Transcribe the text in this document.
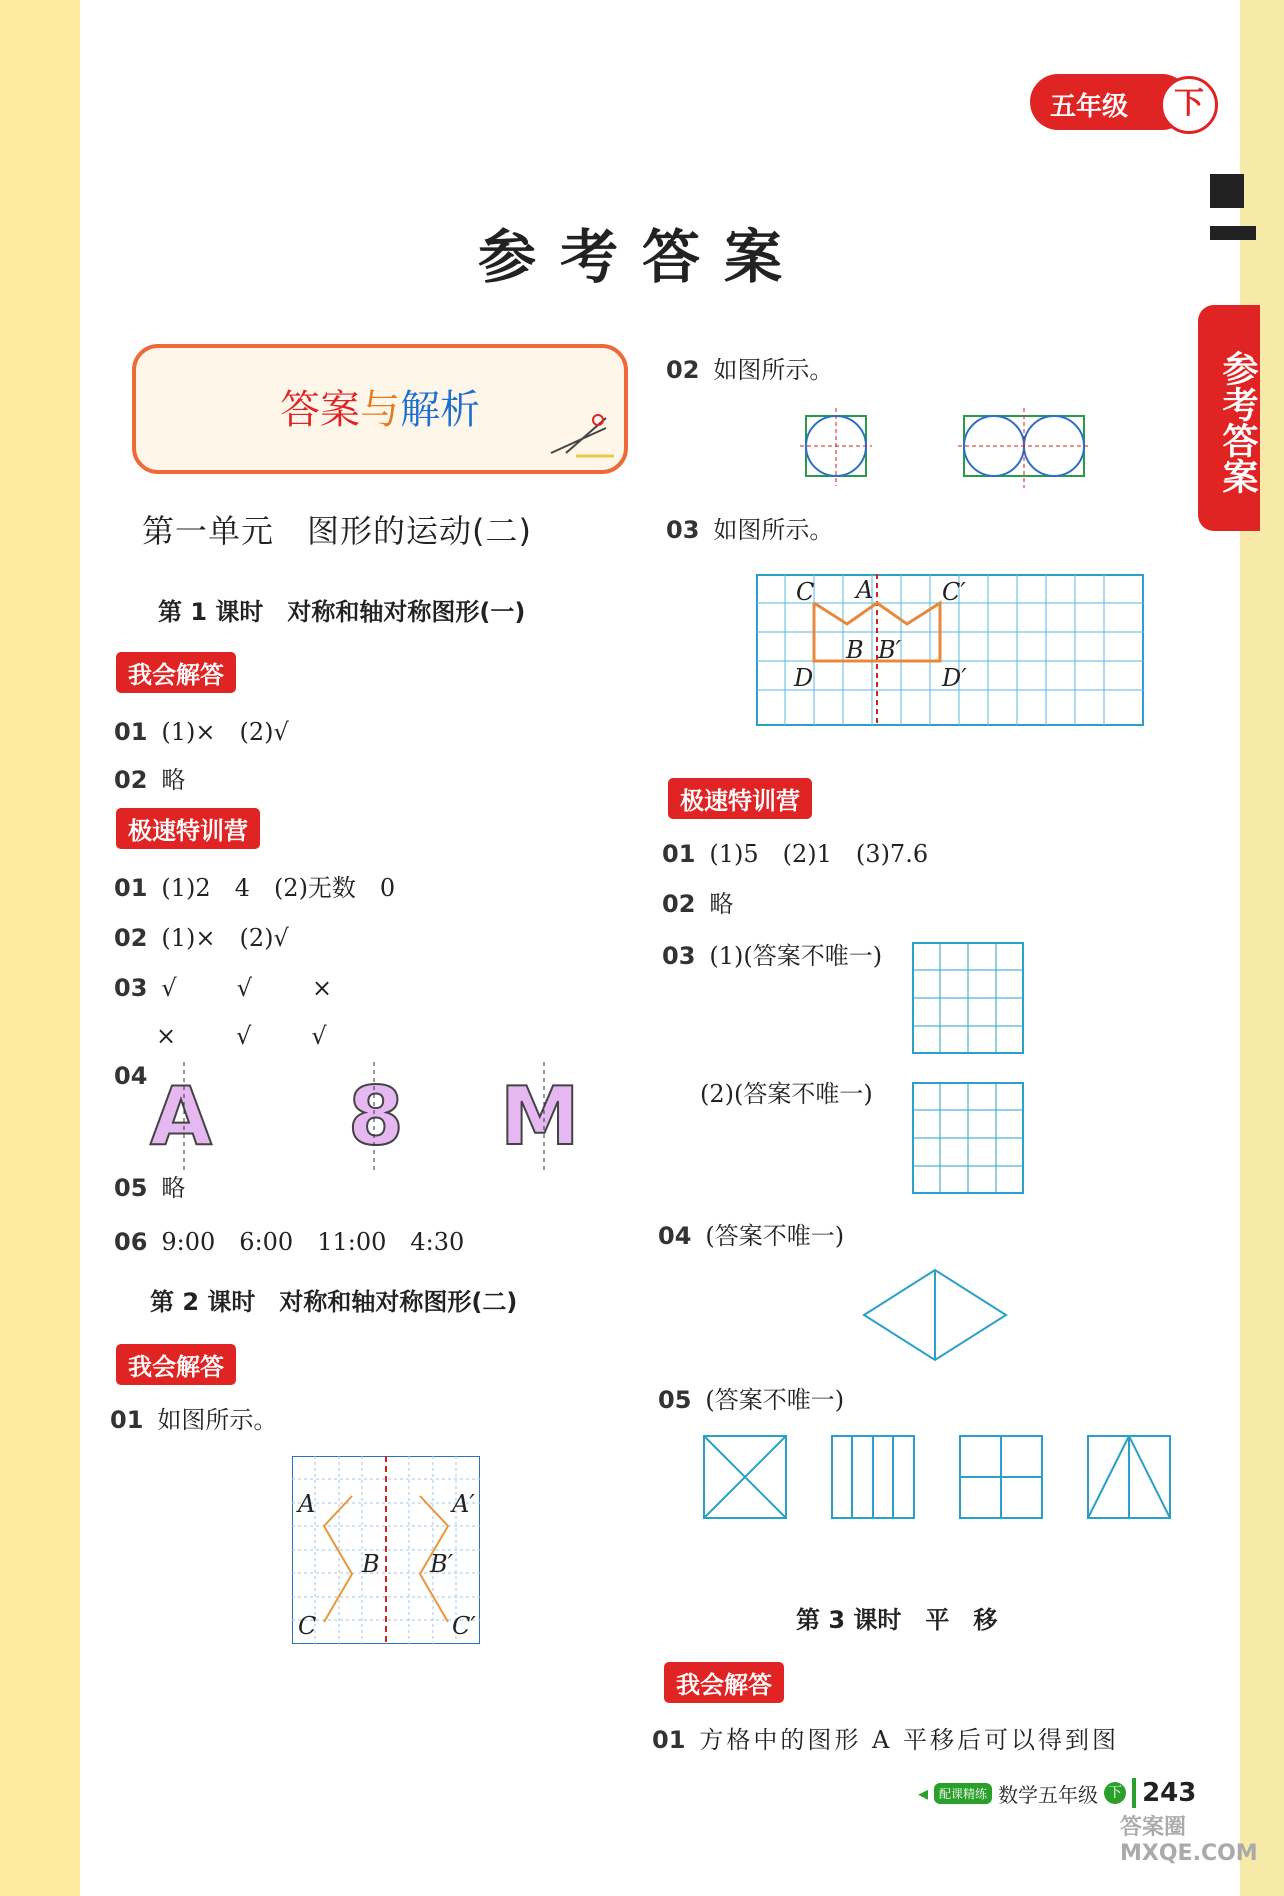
五年级	下
参考答案
参考答案
答案与解析
第一单元　图形的运动(二)
第 1 课时　对称和轴对称图形(一)
我会解答
01 (1)×　(2)√
02 略
极速特训营
01 (1)2　4　(2)无数　0
02 (1)×　(2)√
03 √　√　×
×　√　√
04 A 8 M
05 略
06 9:00　6:00　11:00　4:30
第 2 课时　对称和轴对称图形(二)
我会解答
01 如图所示。
A
B
C
A′
B′
C′
02 如图所示。
03 如图所示。
C A	C′
B B′
D	D′
极速特训营
01 (1)5　(2)1　(3)7.6
02 略
03 (1)(答案不唯一)
(2)(答案不唯一)
04 (答案不唯一)
05 (答案不唯一)
第 3 课时　平　移
我会解答
01 方格中的图形 A 平移后可以得到图
◂ 配课精练 数学五年级 下 243
答案圈 MXQE.COM
